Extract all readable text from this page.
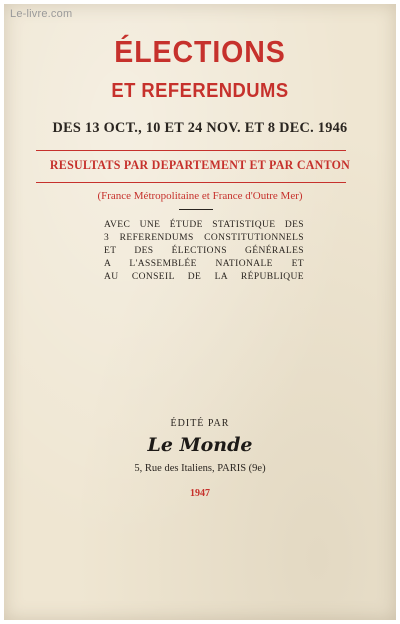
Le-livre.com
ÉLECTIONS
ET REFERENDUMS
DES 13 OCT., 10 ET 24 NOV. ET 8 DEC. 1946
RESULTATS PAR DEPARTEMENT ET PAR CANTON
(France Métropolitaine et France d'Outre Mer)
AVEC UNE ÉTUDE STATISTIQUE DES
3 REFERENDUMS CONSTITUTIONNELS
ET DES ÉLECTIONS GÉNÉRALES
A L'ASSEMBLÉE NATIONALE ET
AU CONSEIL DE LA RÉPUBLIQUE
ÉDITÉ PAR
Le Monde
5, Rue des Italiens, PARIS (9e)
1947
